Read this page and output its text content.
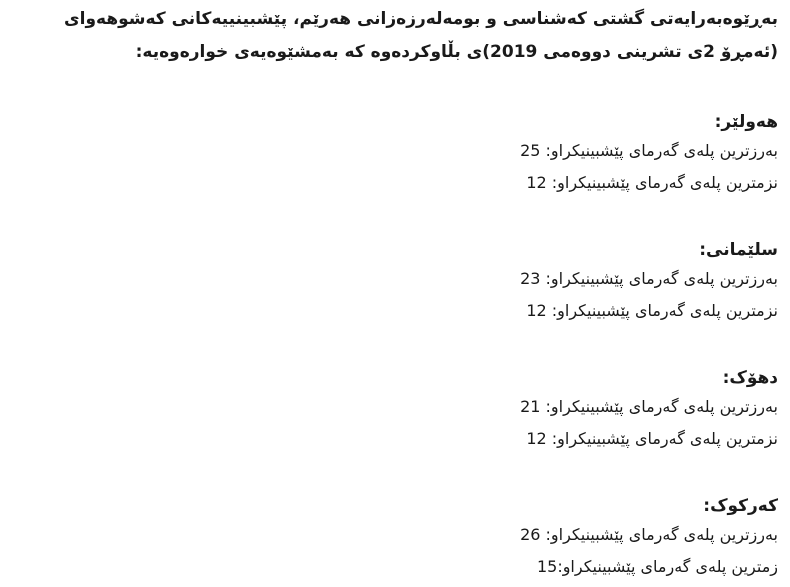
بەڕێوەبەرایەتی گشتی کەشناسی و بومەلەرزەزانی هەرێم، پێشبینییەکانی کەشوهەوای (ئەمڕۆ 2ی تشرینی دووەمی 2019)ی بڵاوکردەوە کە بەمشێوەیەی خوارەوەیە:

هەولێر:
بەرزترین پلەی گەرمای پێشبینیکراو: 25
نزمترین پلەی گەرمای پێشبینیکراو: 12
سلێمانی:
بەرزترین پلەی گەرمای پێشبینیکراو: 23
نزمترین پلەی گەرمای پێشبینیکراو: 12
دهۆک:
بەرزترین پلەی گەرمای پێشبینیکراو: 21
نزمترین پلەی گەرمای پێشبینیکراو: 12
کەرکوک:
بەرزترین پلەی گەرمای پێشبینیکراو: 26
زمترین پلەی گەرمای پێشبینیکراو:15
